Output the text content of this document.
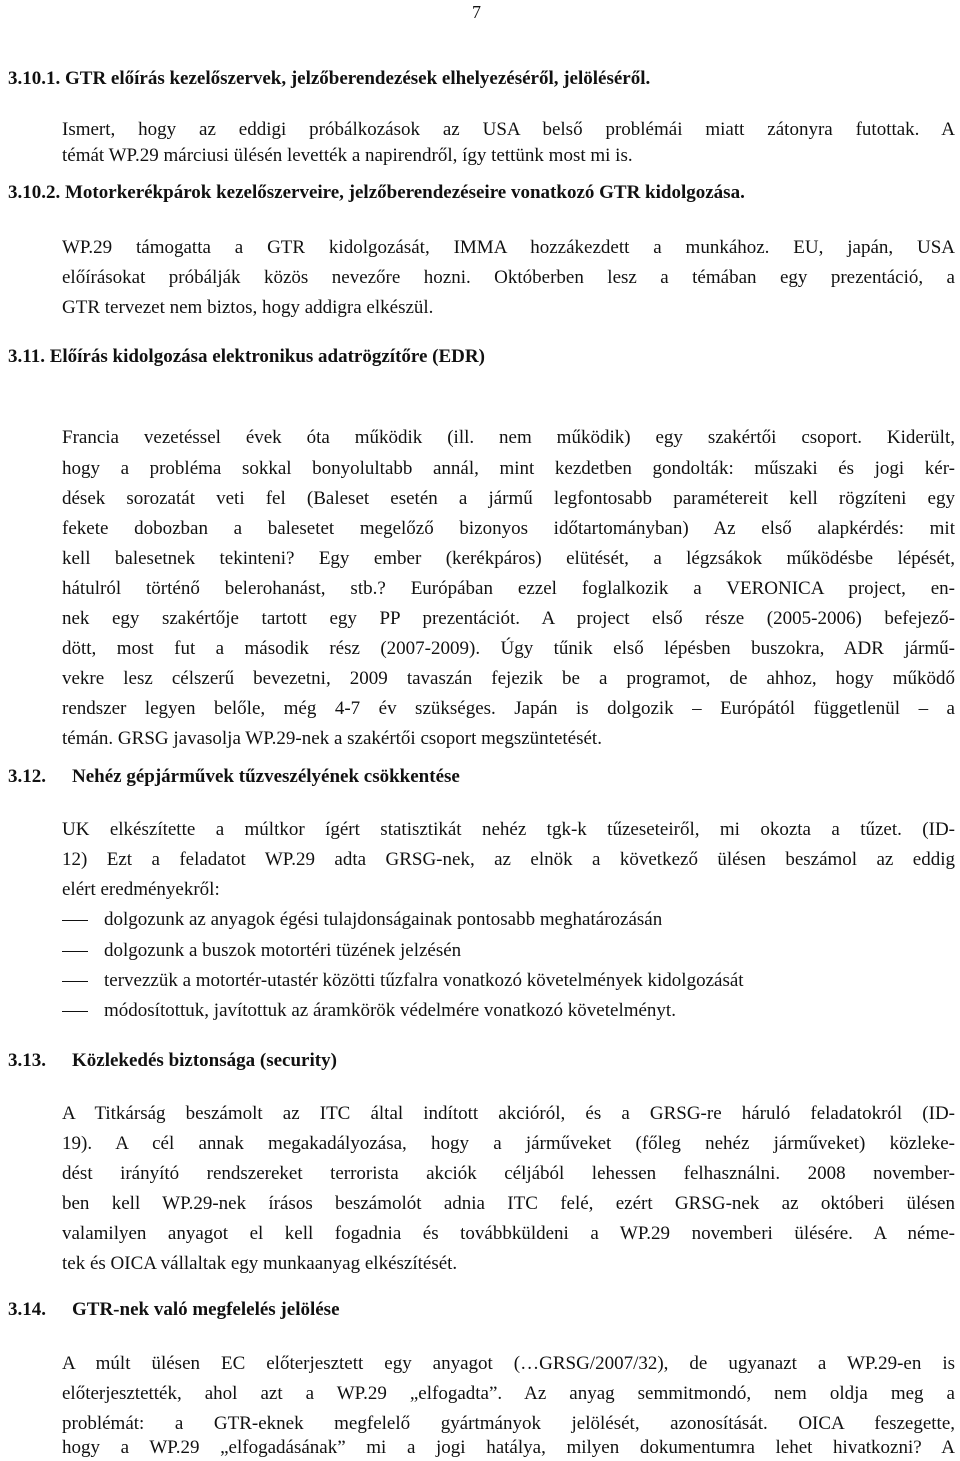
7
3.10.1. GTR előírás kezelőszervek, jelzőberendezések elhelyezéséről, jelöléséről.
Ismert, hogy az eddigi próbálkozások az USA belső problémái miatt zátonyra futottak. A
témát WP.29 márciusi ülésén levették a napirendről, így tettünk most mi is.
3.10.2. Motorkerékpárok kezelőszerveire, jelzőberendezéseire vonatkozó GTR kidolgozása.
WP.29 támogatta a GTR kidolgozását, IMMA hozzákezdett a munkához. EU, japán, USA
előírásokat próbálják közös nevezőre hozni. Októberben lesz a témában egy prezentáció, a
GTR tervezet nem biztos, hogy addigra elkészül.
3.11. Előírás kidolgozása elektronikus adatrögzítőre (EDR)
Francia vezetéssel évek óta működik (ill. nem működik) egy szakértői csoport. Kiderült,
hogy a probléma sokkal bonyolultabb annál, mint kezdetben gondolták: műszaki és jogi kér-
dések sorozatát veti fel (Baleset esetén a jármű legfontosabb paramétereit kell rögzíteni egy
fekete dobozban a balesetet megelőző bizonyos időtartományban) Az első alapkérdés: mit
kell balesetnek tekinteni? Egy ember (kerékpáros) elütését, a légzsákok működésbe lépését,
hátulról történő belerohanást, stb.? Európában ezzel foglalkozik a VERONICA project, en-
nek egy szakértője tartott egy PP prezentációt. A project első része (2005-2006) befejező-
dött, most fut a második rész (2007-2009). Úgy tűnik első lépésben buszokra, ADR jármű-
vekre lesz célszerű bevezetni, 2009 tavaszán fejezik be a programot, de ahhoz, hogy működő
rendszer legyen belőle, még 4-7 év szükséges. Japán is dolgozik – Európától függetlenül – a
témán. GRSG javasolja WP.29-nek a szakértői csoport megszüntetését.
3.12. Nehéz gépjárművek tűzveszélyének csökkentése
UK elkészítette a múltkor ígért statisztikát nehéz tgk-k tűzeseteiről, mi okozta a tűzet. (ID-
12) Ezt a feladatot WP.29 adta GRSG-nek, az elnök a következő ülésen beszámol az eddig
elért eredményekről:
dolgozunk az anyagok égési tulajdonságainak pontosabb meghatározásán
dolgozunk a buszok motortéri tüzének jelzésén
tervezzük a motortér-utastér közötti tűzfalra vonatkozó követelmények kidolgozását
módosítottuk, javítottuk az áramkörök védelmére vonatkozó követelményt.
3.13. Közlekedés biztonsága (security)
A Titkárság beszámolt az ITC által indított akcióról, és a GRSG-re háruló feladatokról (ID-
19). A cél annak megakadályozása, hogy a járműveket (főleg nehéz járműveket) közleke-
dést irányító rendszereket terrorista akciók céljából lehessen felhasználni. 2008 november-
ben kell WP.29-nek írásos beszámolót adnia ITC felé, ezért GRSG-nek az októberi ülésen
valamilyen anyagot el kell fogadnia és továbbküldeni a WP.29 novemberi ülésére. A néme-
tek és OICA vállaltak egy munkaanyag elkészítését.
3.14. GTR-nek való megfelelés jelölése
A múlt ülésen EC előterjesztett egy anyagot (…GRSG/2007/32), de ugyanazt a WP.29-en is
előterjesztették, ahol azt a WP.29 „elfogadta”. Az anyag semmitmondó, nem oldja meg a
problémát: a GTR-eknek megfelelő gyártmányok jelölését, azonosítását. OICA feszegette,
hogy a WP.29 „elfogadásának” mi a jogi hatálya, milyen dokumentumra lehet hivatkozni? A
